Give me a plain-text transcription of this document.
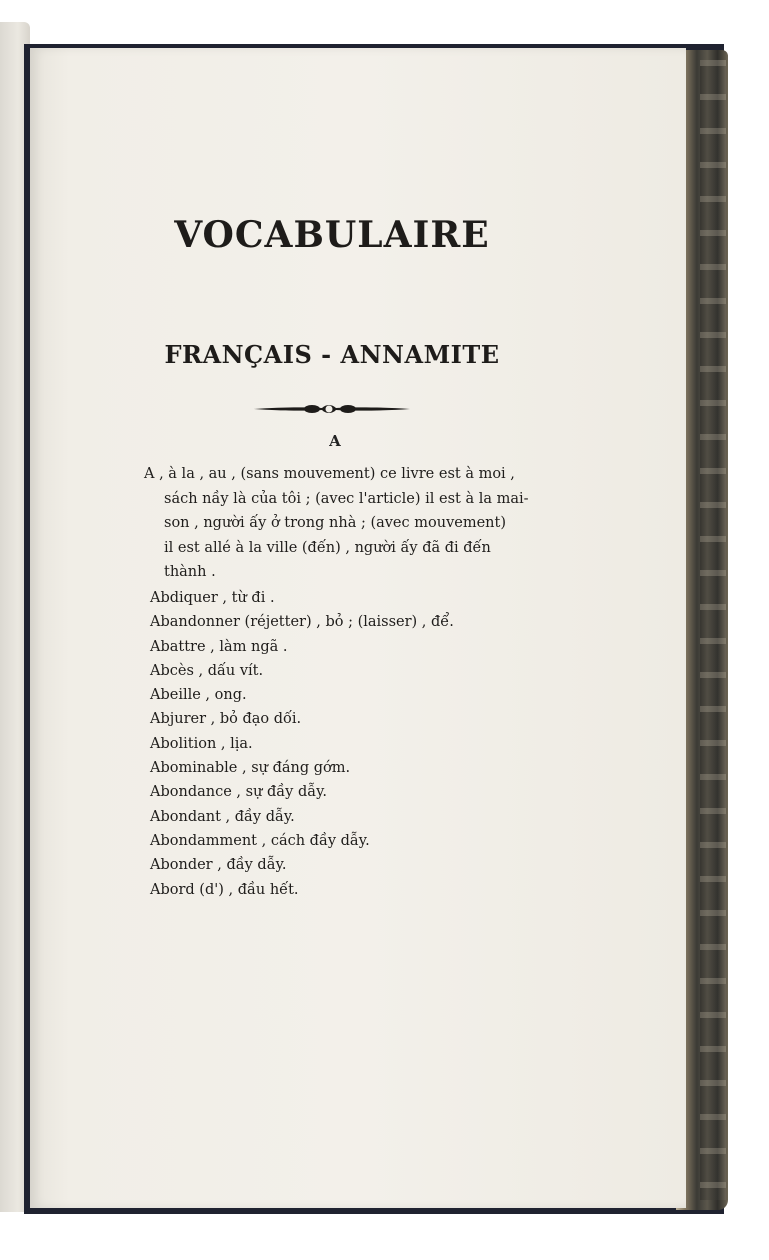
VOCABULAIRE
FRANÇAIS - ANNAMITE
A
A , à la , au , (sans mouvement) ce livre est à moi ,
sách nầy là của tôi ; (avec l'article) il est à la mai-
son , người ấy ở trong nhà ; (avec mouvement)
il est allé à la ville (đến) , người ấy đã đi đến
thành .
Abdiquer , từ đi .
Abandonner (réjetter) , bỏ ; (laisser) , để.
Abattre , làm ngã .
Abcès , dấu vít.
Abeille , ong.
Abjurer , bỏ đạo dối.
Abolition , lịa.
Abominable , sự đáng gớm.
Abondance , sự đầy dẫy.
Abondant , đầy dẫy.
Abondamment , cách đầy dẫy.
Abonder , đầy dẫy.
Abord (d') , đầu hết.
